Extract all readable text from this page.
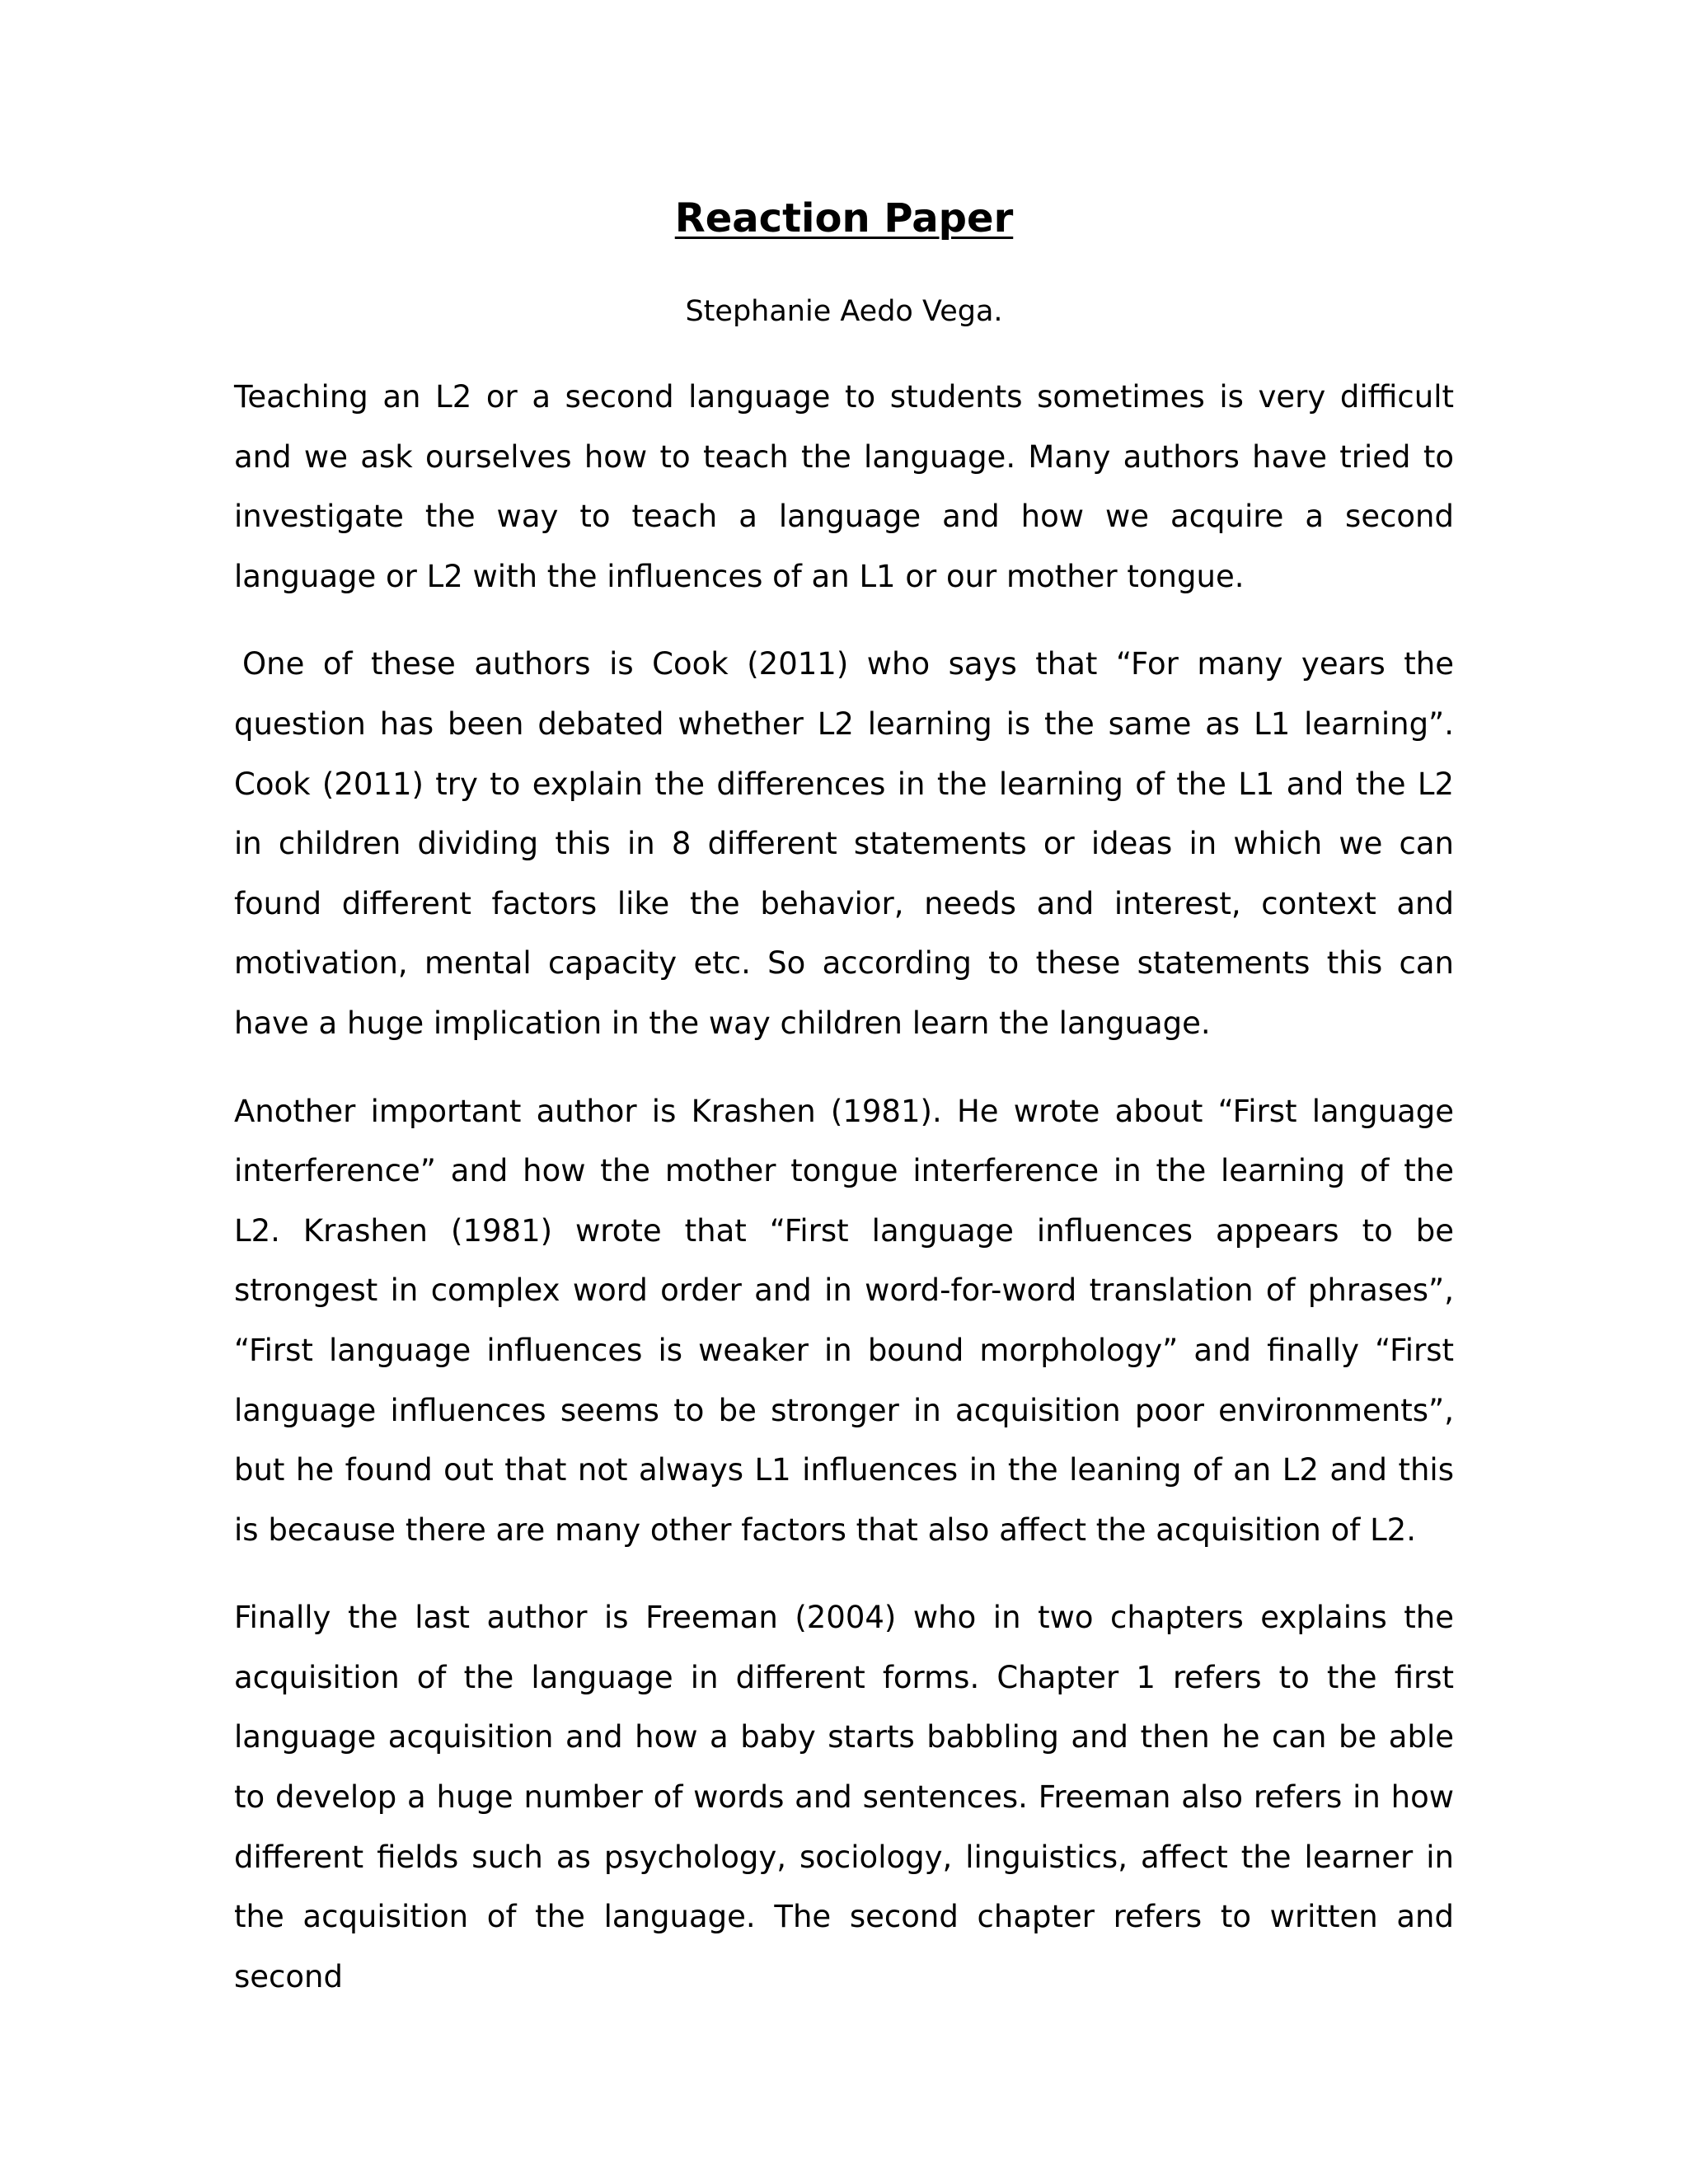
Reaction Paper
Stephanie Aedo Vega.

Teaching an L2 or a second language to students sometimes is very difficult and we ask ourselves how to teach the language. Many authors have tried to investigate the way to teach a language and how we acquire a second language or L2 with the influences of an L1 or our mother tongue.

One of these authors is Cook (2011) who says that “For many years the question has been debated whether L2 learning is the same as L1 learning”. Cook (2011) try to explain the differences in the learning of the L1 and the L2 in children dividing this in 8 different statements or ideas in which we can found different factors like the behavior, needs and interest, context and motivation, mental capacity etc. So according to these statements this can have a huge implication in the way children learn the language.

Another important author is Krashen (1981). He wrote about “First language interference” and how the mother tongue interference in the learning of the L2. Krashen (1981) wrote that “First language influences appears to be strongest in complex word order and in word-for-word translation of phrases”, “First language influences is weaker in bound morphology” and finally “First language influences seems to be stronger in acquisition poor environments”, but he found out that not always L1 influences in the leaning of an L2 and this is because there are many other factors that also affect the acquisition of L2.

Finally the last author is Freeman (2004) who in two chapters explains the acquisition of the language in different forms. Chapter 1 refers to the first language acquisition and how a baby starts babbling and then he can be able to develop a huge number of words and sentences. Freeman also refers in how different fields such as psychology, sociology, linguistics, affect the learner in the acquisition of the language. The second chapter refers to written and second
